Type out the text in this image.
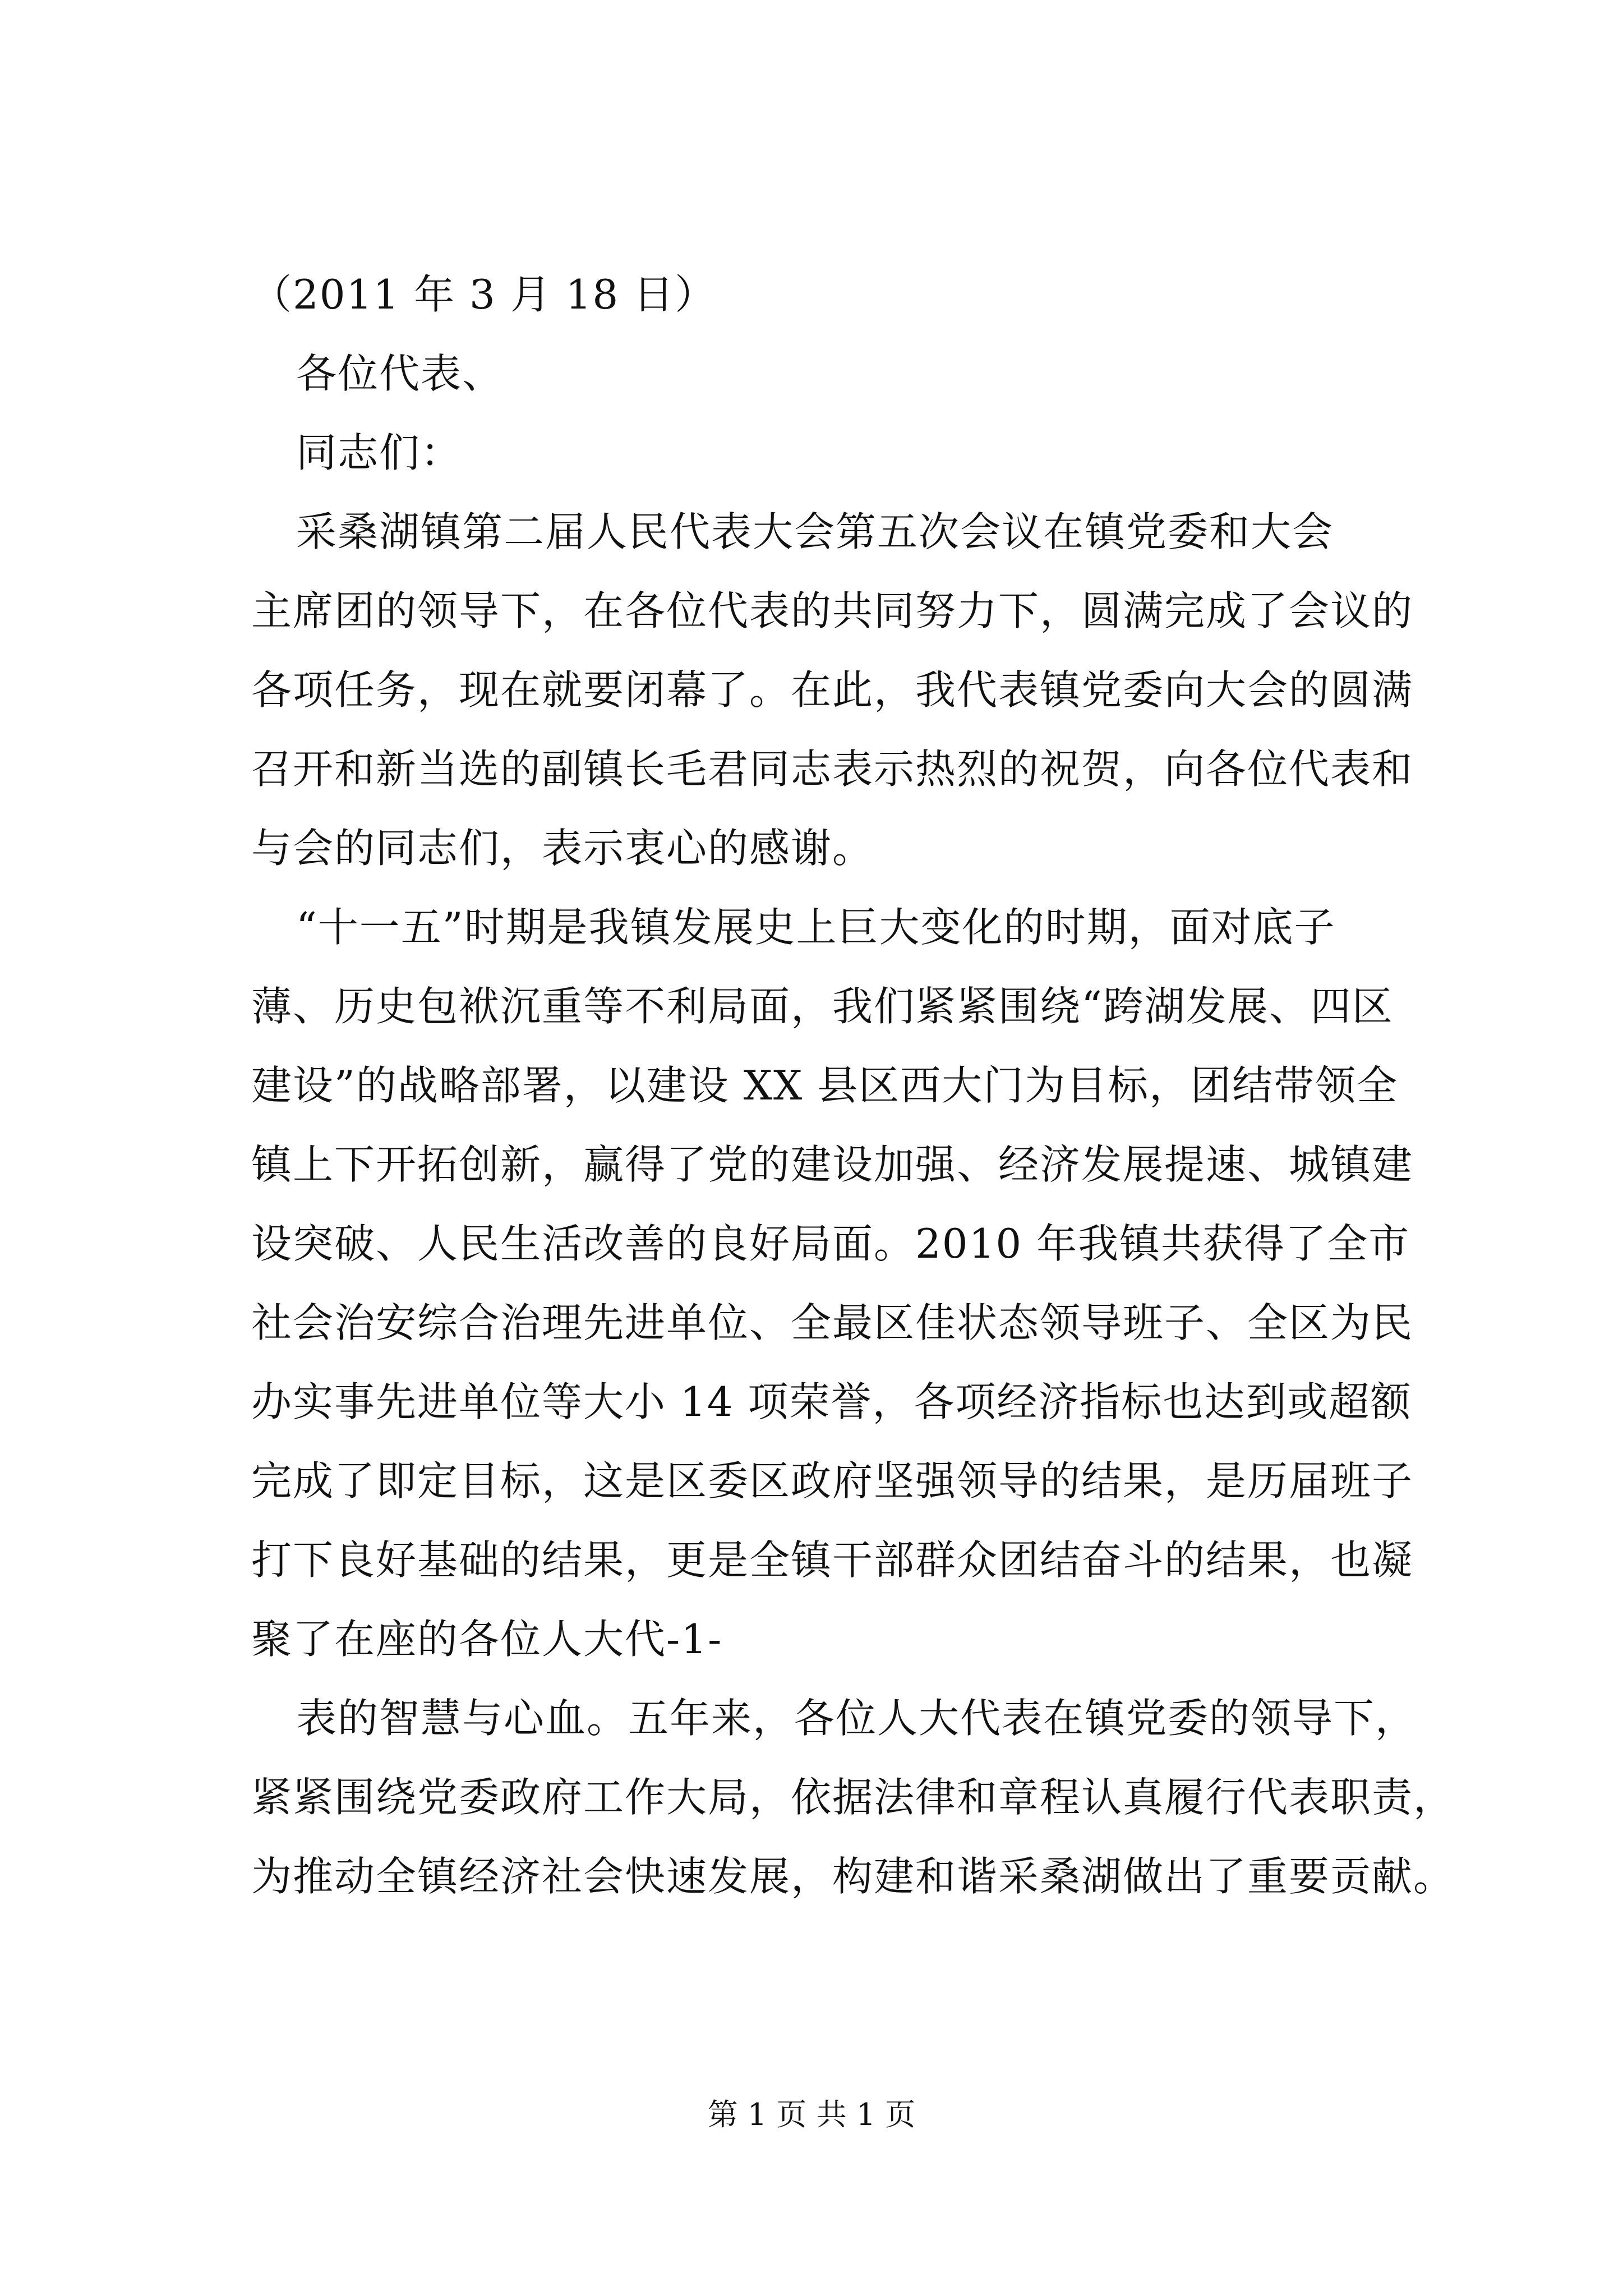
（2011 年 3 月 18 日）
各位代表、
同志们：
采桑湖镇第二届人民代表大会第五次会议在镇党委和大会
主席团的领导下，在各位代表的共同努力下，圆满完成了会议的
各项任务，现在就要闭幕了。在此，我代表镇党委向大会的圆满
召开和新当选的副镇长毛君同志表示热烈的祝贺，向各位代表和
与会的同志们，表示衷心的感谢。
“十一五”时期是我镇发展史上巨大变化的时期，面对底子
薄、历史包袱沉重等不利局面，我们紧紧围绕“跨湖发展、四区
建设”的战略部署，以建设 XX 县区西大门为目标，团结带领全
镇上下开拓创新，赢得了党的建设加强、经济发展提速、城镇建
设突破、人民生活改善的良好局面。2010 年我镇共获得了全市
社会治安综合治理先进单位、全最区佳状态领导班子、全区为民
办实事先进单位等大小 14 项荣誉，各项经济指标也达到或超额
完成了即定目标，这是区委区政府坚强领导的结果，是历届班子
打下良好基础的结果，更是全镇干部群众团结奋斗的结果，也凝
聚了在座的各位人大代-1-
表的智慧与心血。五年来，各位人大代表在镇党委的领导下，
紧紧围绕党委政府工作大局，依据法律和章程认真履行代表职责，
为推动全镇经济社会快速发展，构建和谐采桑湖做出了重要贡献。
第 1 页 共 1 页
